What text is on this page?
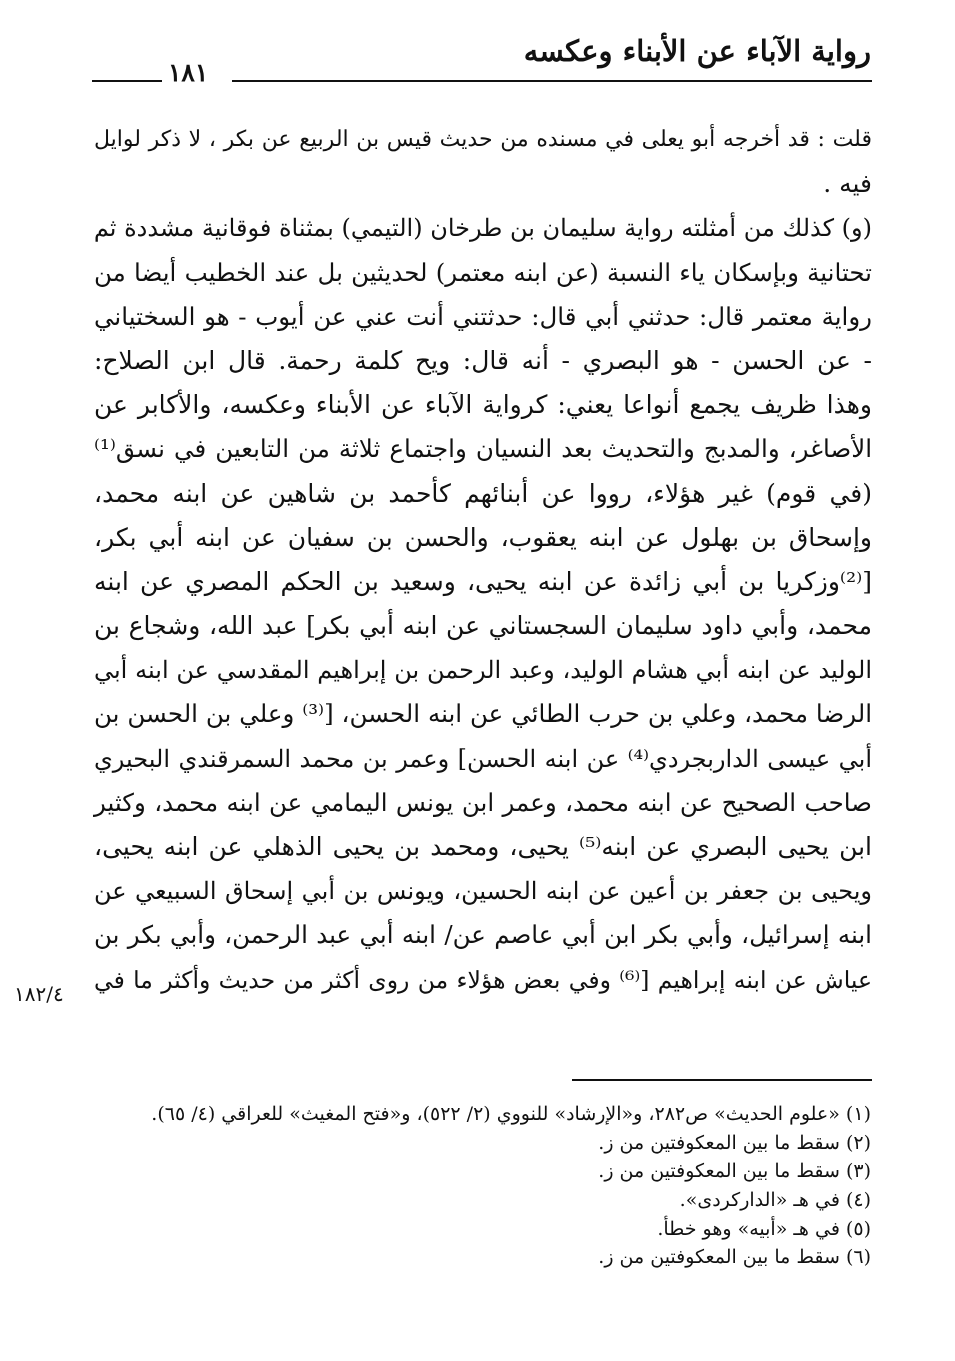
رواية الآباء عن الأبناء وعكسه
١٨١
قلت : قد أخرجه أبو يعلى في مسنده من حديث قيس بن الربيع عن بكر ، لا ذكر لوايل
فيه .
(و) كذلك من أمثلته رواية سليمان بن طرخان (التيمي) بمثناة فوقانية مشددة ثم
تحتانية وبإسكان ياء النسبة (عن ابنه معتمر) لحديثين بل عند الخطيب أيضا من
رواية معتمر قال: حدثني أبي قال: حدثتني أنت عني عن أيوب - هو السختياني
- عن الحسن - هو البصري - أنه قال: ويح كلمة رحمة. قال ابن الصلاح:
وهذا ظريف يجمع أنواعا يعني: كرواية الآباء عن الأبناء وعكسه، والأكابر عن
الأصاغر، والمدبج والتحديث بعد النسيان واجتماع ثلاثة من التابعين في نسق⁽¹⁾
(في قوم) غير هؤلاء، رووا عن أبنائهم كأحمد بن شاهين عن ابنه محمد،
وإسحاق بن بهلول عن ابنه يعقوب، والحسن بن سفيان عن ابنه أبي بكر،
[⁽²⁾وزكريا بن أبي زائدة عن ابنه يحيى، وسعيد بن الحكم المصري عن ابنه
محمد، وأبي داود سليمان السجستاني عن ابنه أبي بكر] عبد الله، وشجاع بن
الوليد عن ابنه أبي هشام الوليد، وعبد الرحمن بن إبراهيم المقدسي عن ابنه أبي
الرضا محمد، وعلي بن حرب الطائي عن ابنه الحسن، [⁽³⁾ وعلي بن الحسن بن
أبي عيسى الداربجردي⁽⁴⁾ عن ابنه الحسن] وعمر بن محمد السمرقندي البحيري
صاحب الصحيح عن ابنه محمد، وعمر ابن يونس اليمامي عن ابنه محمد، وكثير
ابن يحيى البصري عن ابنه⁽⁵⁾ يحيى، ومحمد بن يحيى الذهلي عن ابنه يحيى،
ويحيى بن جعفر بن أعين عن ابنه الحسين، ويونس بن أبي إسحاق السبيعي عن
ابنه إسرائيل، وأبي بكر ابن أبي عاصم عن/ ابنه أبي عبد الرحمن، وأبي بكر بن
عياش عن ابنه إبراهيم [⁽⁶⁾ وفي بعض هؤلاء من روى أكثر من حديث وأكثر ما في
١٨٢/٤
(١) «علوم الحديث» ص٢٨٢، و«الإرشاد» للنووي (٢/ ٥٢٢)، و«فتح المغيث» للعراقي (٤/ ٦٥).
(٢) سقط ما بين المعكوفتين من ز.
(٣) سقط ما بين المعكوفتين من ز.
(٤) في هـ «الداركردى».
(٥) في هـ «أبيه» وهو خطأ.
(٦) سقط ما بين المعكوفتين من ز.
